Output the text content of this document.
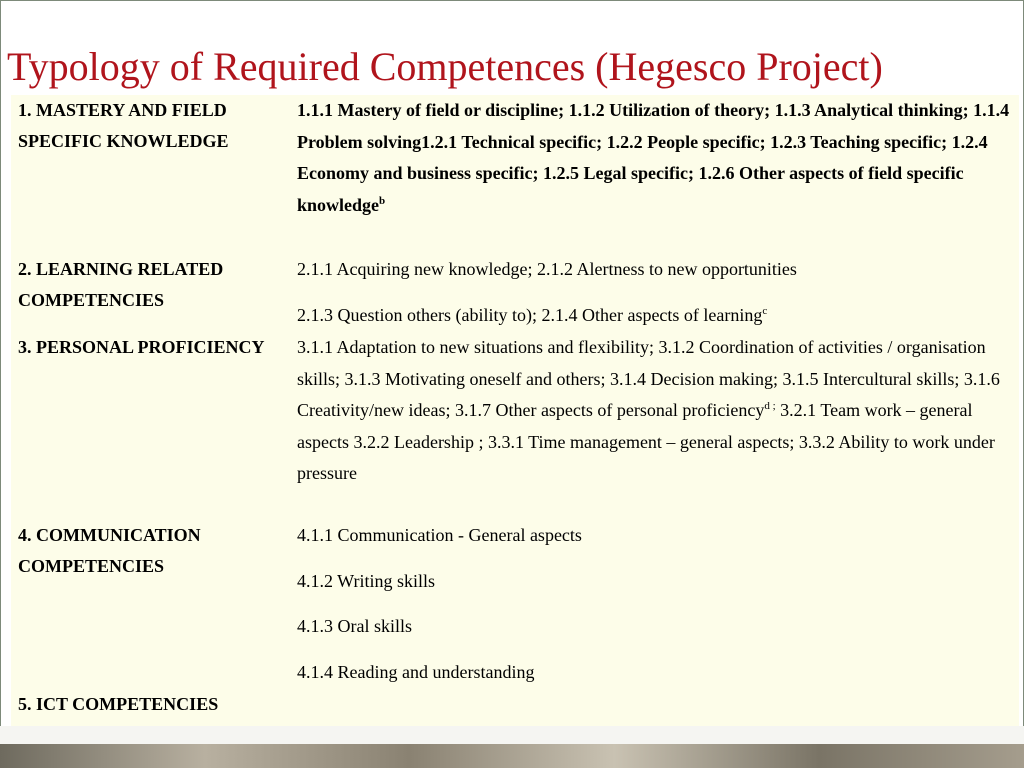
Typology of Required Competences (Hegesco Project)
1. MASTERY AND FIELD SPECIFIC KNOWLEDGE
1.1.1 Mastery of field or discipline; 1.1.2 Utilization of theory; 1.1.3 Analytical thinking; 1.1.4 Problem solving1.2.1 Technical specific; 1.2.2 People specific; 1.2.3 Teaching specific; 1.2.4 Economy and business specific; 1.2.5 Legal specific; 1.2.6 Other aspects of field specific knowledge$^b$
2. LEARNING RELATED COMPETENCIES
2.1.1 Acquiring new knowledge; 2.1.2 Alertness to new opportunities
2.1.3 Question others (ability to); 2.1.4 Other aspects of learning$^c$
3. PERSONAL PROFICIENCY	3.1.1 Adaptation to new situations and flexibility; 3.1.2 Coordination of activities / organisation skills; 3.1.3 Motivating oneself and others; 3.1.4 Decision making; 3.1.5 Intercultural skills; 3.1.6 Creativity/new ideas; 3.1.7 Other aspects of personal proficiency$^{d ;}$ 3.2.1 Team work – general aspects 3.2.2 Leadership ; 3.3.1 Time management – general aspects; 3.3.2 Ability to work under pressure
4. COMMUNICATION COMPETENCIES
4.1.1 Communication - General aspects
4.1.2 Writing skills
4.1.3 Oral skills
4.1.4 Reading and understanding
5. ICT COMPETENCIES
